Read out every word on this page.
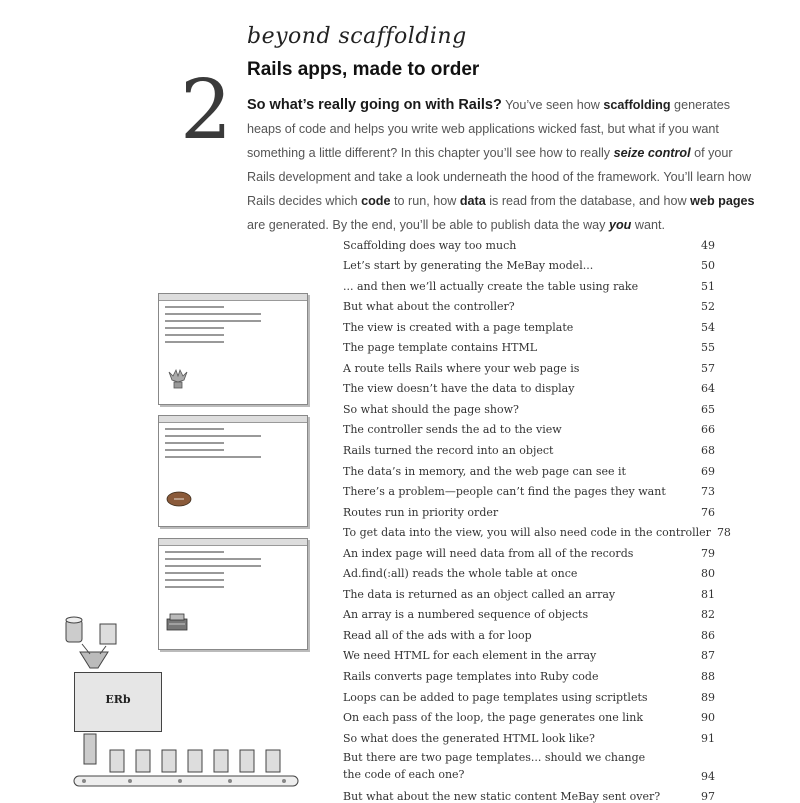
beyond scaffolding
Rails apps, made to order
2 So what’s really going on with Rails? You’ve seen how scaffolding generates heaps of code and helps you write web applications wicked fast, but what if you want something a little different? In this chapter you’ll see how to really seize control of your Rails development and take a look underneath the hood of the framework. You’ll learn how Rails decides which code to run, how data is read from the database, and how web pages are generated. By the end, you’ll be able to publish data the way you want.

Scaffolding does way too much	49
Let’s start by generating the MeBay model...	50
... and then we’ll actually create the table using rake	51
But what about the controller?	52
The view is created with a page template	54
The page template contains HTML	55
A route tells Rails where your web page is	57
The view doesn’t have the data to display	64
So what should the page show?	65
The controller sends the ad to the view	66
Rails turned the record into an object	68
The data’s in memory, and the web page can see it	69
There’s a problem—people can’t find the pages they want	73
Routes run in priority order	76
To get data into the view, you will also need code in the controller 78
An index page will need data from all of the records	79
Ad.find(:all) reads the whole table at once	80
The data is returned as an object called an array	81
An array is a numbered sequence of objects	82
Read all of the ads with a for loop	86
We need HTML for each element in the array	87
Rails converts page templates into Ruby code	88
Loops can be added to page templates using scriptlets	89
On each pass of the loop, the page generates one link	90
So what does the generated HTML look like?	91
But there are two page templates... should we change the code of each one?	94
But what about the new static content MeBay sent over?	97
ERb
